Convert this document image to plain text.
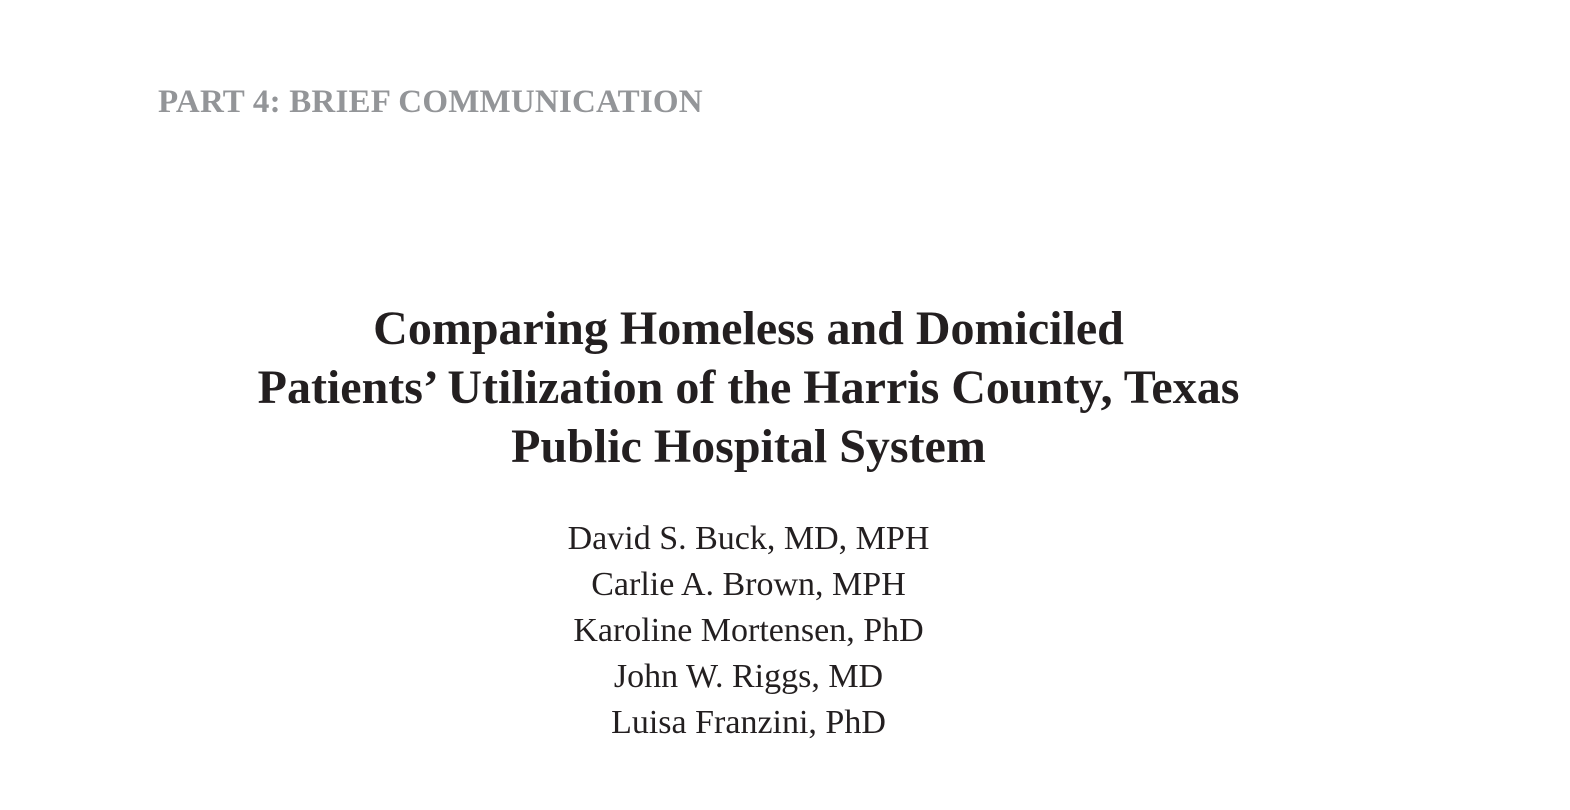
PART 4: BRIEF COMMUNICATION
Comparing Homeless and Domiciled
Patients’ Utilization of the Harris County, Texas
Public Hospital System
David S. Buck, MD, MPH
Carlie A. Brown, MPH
Karoline Mortensen, PhD
John W. Riggs, MD
Luisa Franzini, PhD
